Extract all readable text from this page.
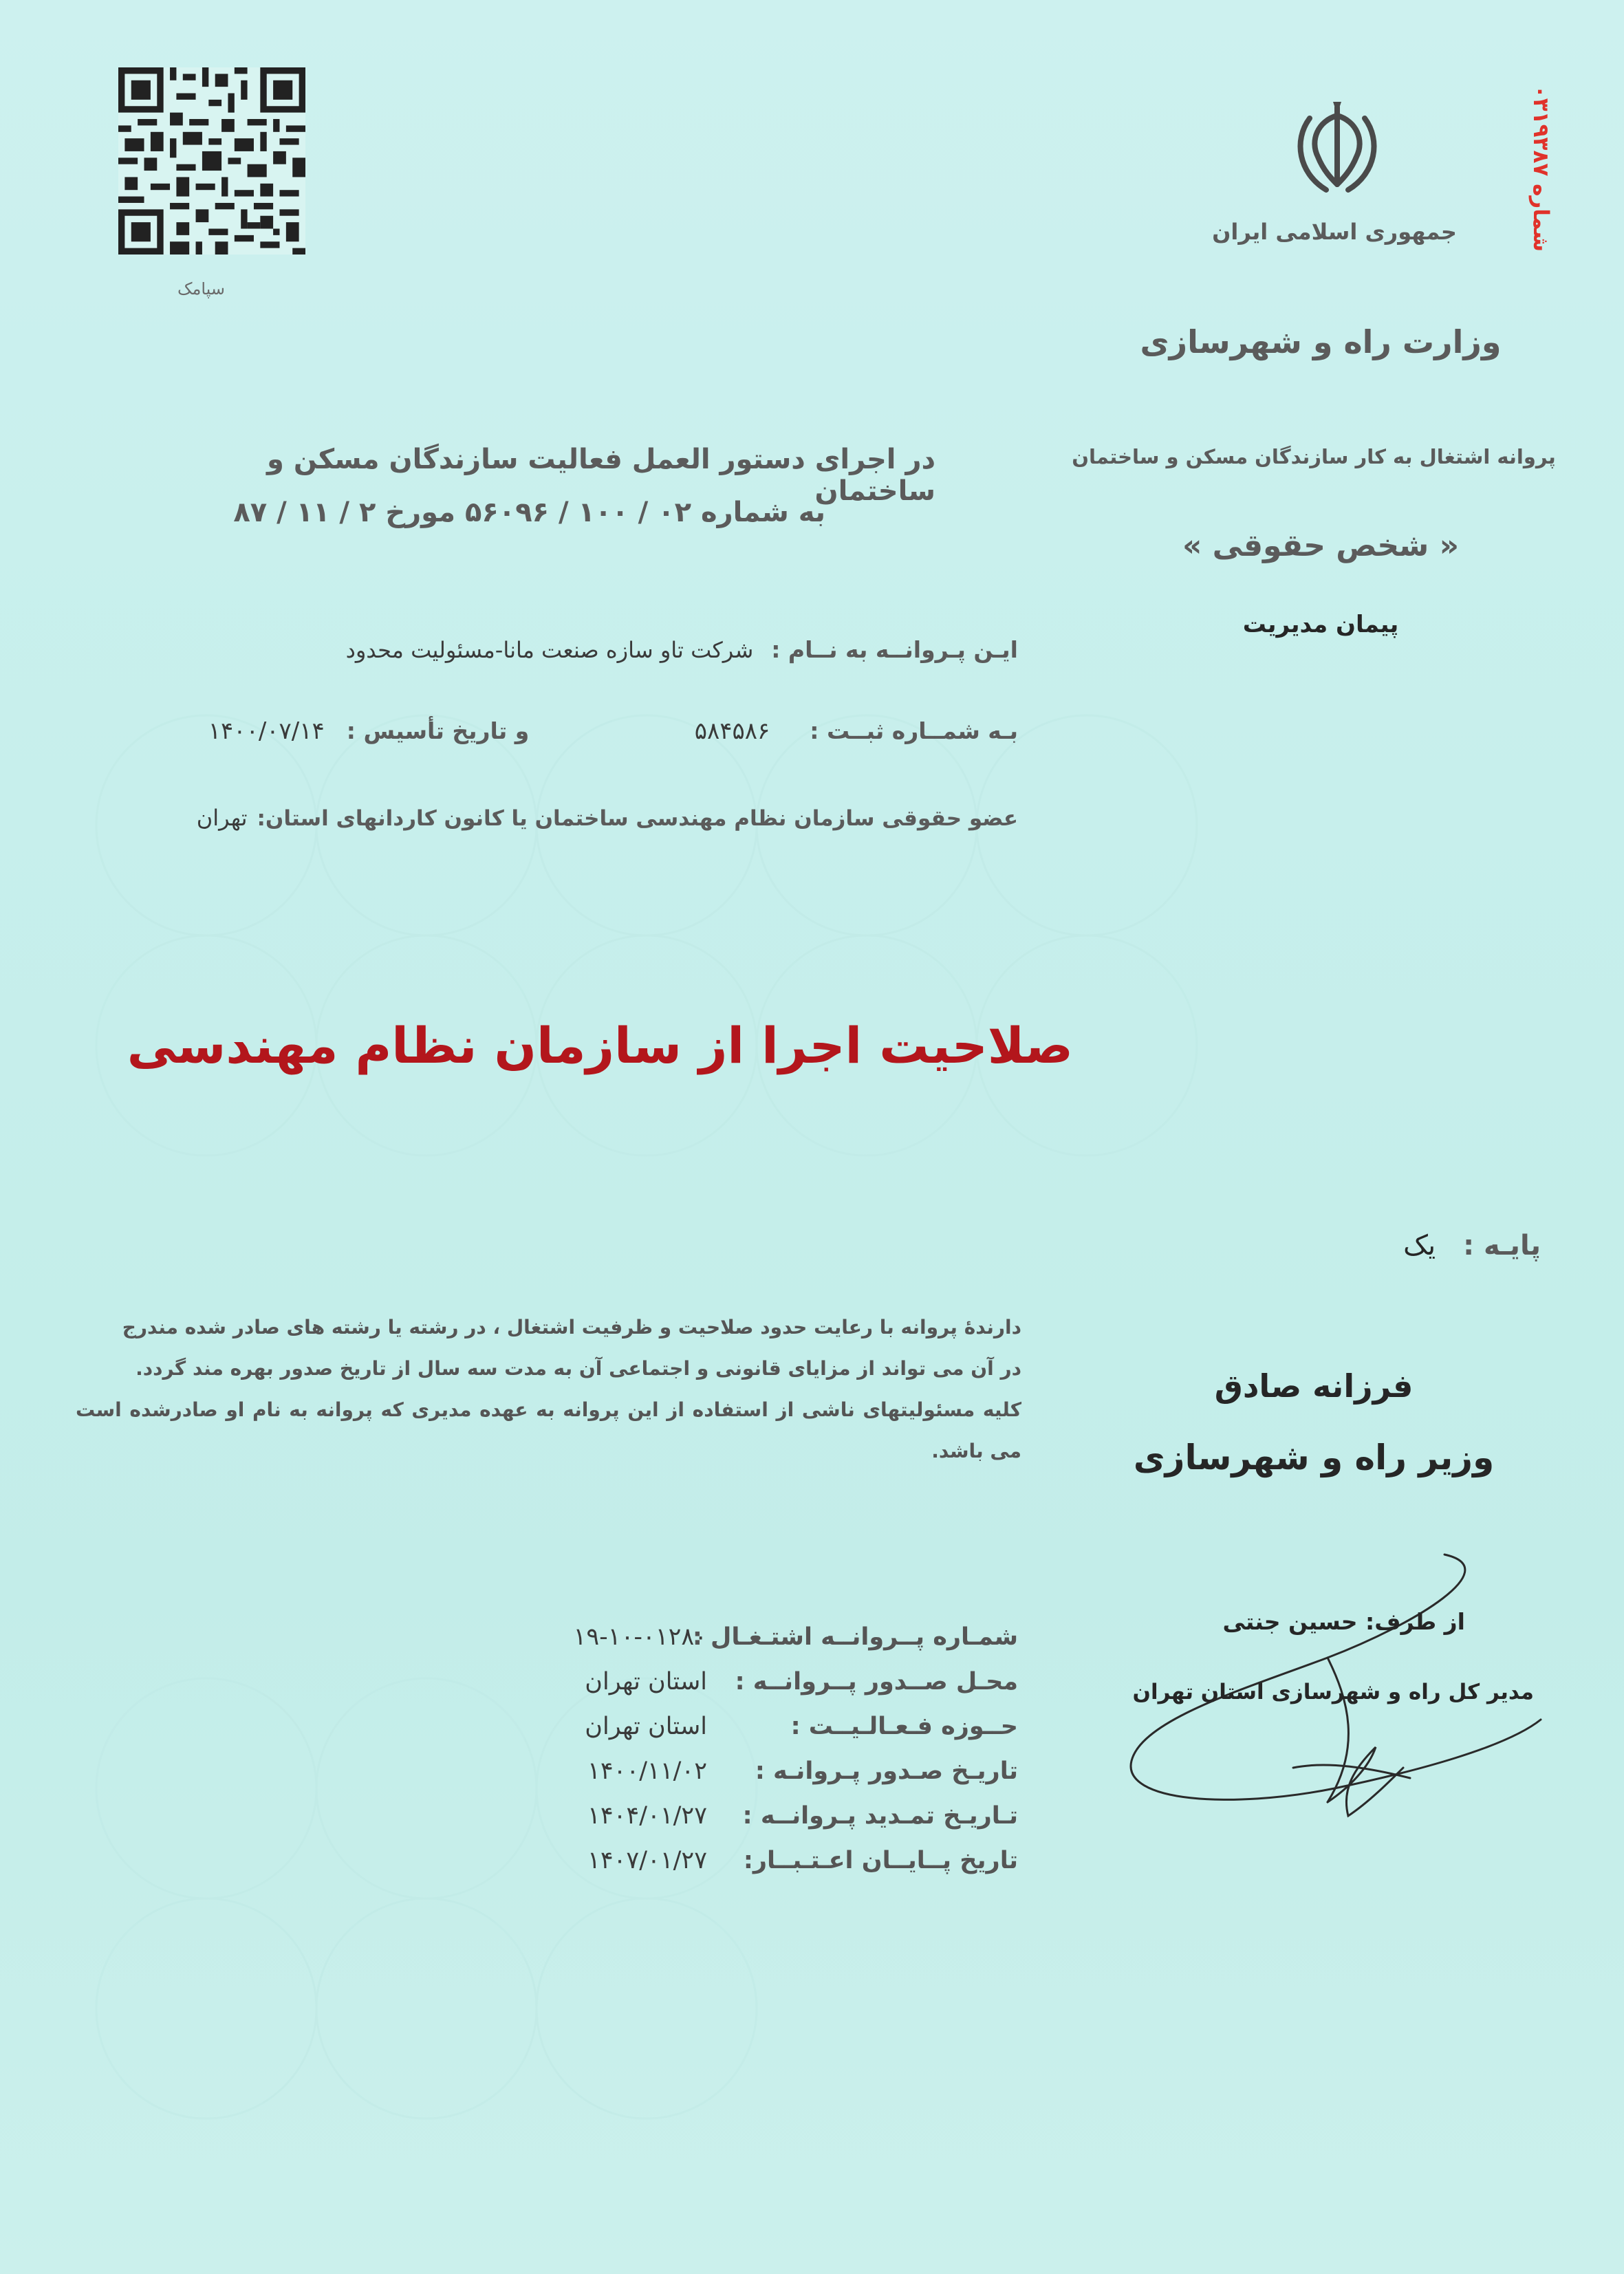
سپامک
شماره ۰۳۱۹۳۸۷
جمهوری اسلامی ایران
وزارت راه و شهرسازی
پروانه اشتغال به کار سازندگان مسکن و ساختمان
« شخص حقوقی »
پیمان مدیریت
در اجرای دستور العمل فعالیت سازندگان مسکن و ساختمان
به شماره ۰۲ / ۱۰۰ / ۵۶۰۹۶ مورخ ۲ / ۱۱ / ۸۷
ایـن پـروانــه به نــام :
شرکت تاو سازه صنعت مانا-مسئولیت محدود
بـه شمــاره ثبــت :
۵۸۴۵۸۶
و تاریخ تأسیس :
۱۴۰۰/۰۷/۱۴
عضو حقوقی سازمان نظام مهندسی ساختمان یا کانون کاردانهای استان:
تهران
صلاحیت اجرا از سازمان نظام مهندسی
پایـه :
یک
دارندهٔ پروانه با رعایت حدود صلاحیت و ظرفیت اشتغال ، در رشته یا رشته های صادر شده مندرج
در آن می تواند از مزایای قانونی و اجتماعی آن به مدت سه سال از تاریخ صدور بهره مند گردد.
کلیه مسئولیتهای ناشی از استفاده از این پروانه به عهده مدیری که پروانه به نام او صادرشده است می باشد.
فرزانه صادق
وزیر راه و شهرسازی
از طرف: حسین جنتی
مدیر کل راه و شهرسازی استان تهران
شمـاره پــروانــه اشتـغـال :
۱۹-۱۰-۰۱۲۸۰
محـل صــدور پــروانــه :
استان تهران
حــوزه فـعـالـیــت :
استان تهران
تاریـخ صـدور پـروانـه :
۱۴۰۰/۱۱/۰۲
تـاریـخ تمـدید پـروانــه :
۱۴۰۴/۰۱/۲۷
تاریخ پــایــان اعـتـبــار:
۱۴۰۷/۰۱/۲۷
